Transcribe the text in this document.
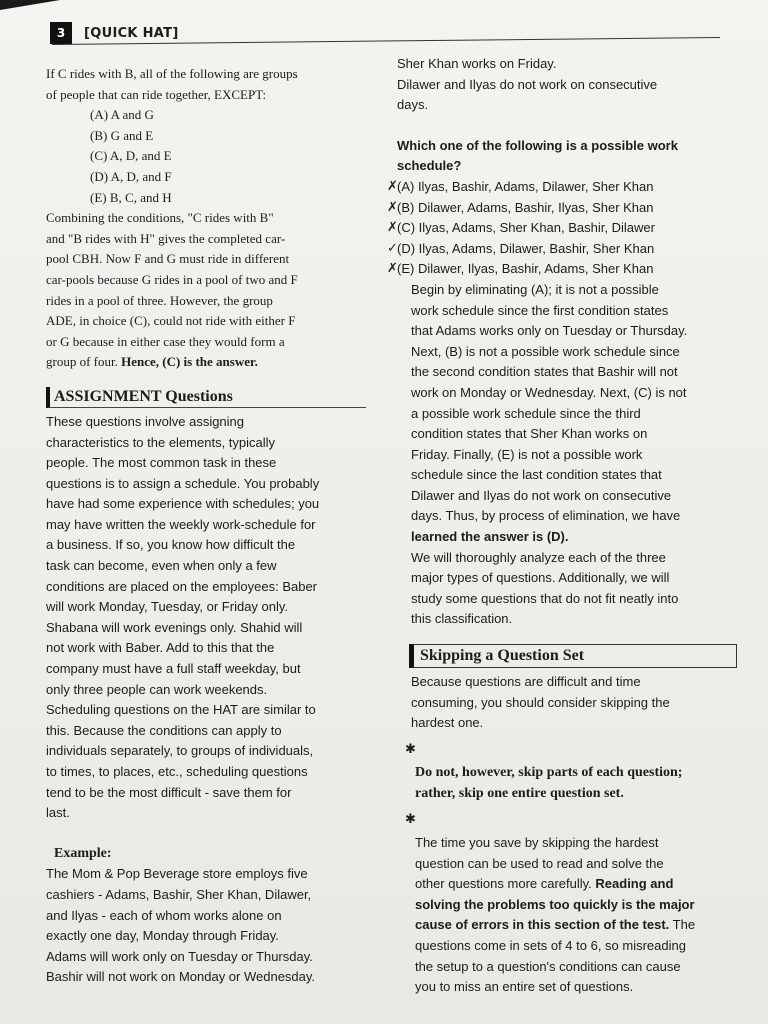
3	[QUICK HAT]

If C rides with B, all of the following are groups

of people that can ride together, EXCEPT:

(A) A and G

(B) G and E

(C) A, D, and E

(D) A, D, and F

(E) B, C, and H

Combining the conditions, "C rides with B"

and "B rides with H" gives the completed car-

pool CBH. Now F and G must ride in different

car-pools because G rides in a pool of two and F

rides in a pool of three. However, the group

ADE, in choice (C), could not ride with either F

or G because in either case they would form a

group of four. Hence, (C) is the answer.

ASSIGNMENT Questions

These questions involve assigning

characteristics to the elements, typically

people. The most common task in these

questions is to assign a schedule. You probably

have had some experience with schedules; you

may have written the weekly work-schedule for

a business. If so, you know how difficult the

task can become, even when only a few

conditions are placed on the employees: Baber

will work Monday, Tuesday, or Friday only.

Shabana will work evenings only. Shahid will

not work with Baber. Add to this that the

company must have a full staff weekday, but

only three people can work weekends.

Scheduling questions on the HAT are similar to

this. Because the conditions can apply to

individuals separately, to groups of individuals,

to times, to places, etc., scheduling questions

tend to be the most difficult - save them for

last.

Example:

The Mom & Pop Beverage store employs five

cashiers - Adams, Bashir, Sher Khan, Dilawer,

and Ilyas - each of whom works alone on

exactly one day, Monday through Friday.

Adams will work only on Tuesday or Thursday.

Bashir will not work on Monday or Wednesday.

Sher Khan works on Friday.

Dilawer and Ilyas do not work on consecutive

days.

Which one of the following is a possible work

schedule?

✗ (A) Ilyas, Bashir, Adams, Dilawer, Sher Khan

✗ (B) Dilawer, Adams, Bashir, Ilyas, Sher Khan

✗ (C) Ilyas, Adams, Sher Khan, Bashir, Dilawer

✓ (D) Ilyas, Adams, Dilawer, Bashir, Sher Khan

✗ (E) Dilawer, Ilyas, Bashir, Adams, Sher Khan

Begin by eliminating (A); it is not a possible

work schedule since the first condition states

that Adams works only on Tuesday or Thursday.

Next, (B) is not a possible work schedule since

the second condition states that Bashir will not

work on Monday or Wednesday. Next, (C) is not

a possible work schedule since the third

condition states that Sher Khan works on

Friday. Finally, (E) is not a possible work

schedule since the last condition states that

Dilawer and Ilyas do not work on consecutive

days. Thus, by process of elimination, we have

learned the answer is (D).

We will thoroughly analyze each of the three

major types of questions. Additionally, we will

study some questions that do not fit neatly into

this classification.

Skipping a Question Set

Because questions are difficult and time

consuming, you should consider skipping the

hardest one.

✱

Do not, however, skip parts of each question;

rather, skip one entire question set.

✱

The time you save by skipping the hardest

question can be used to read and solve the

other questions more carefully. Reading and

solving the problems too quickly is the major

cause of errors in this section of the test. The

questions come in sets of 4 to 6, so misreading

the setup to a question's conditions can cause

you to miss an entire set of questions.
